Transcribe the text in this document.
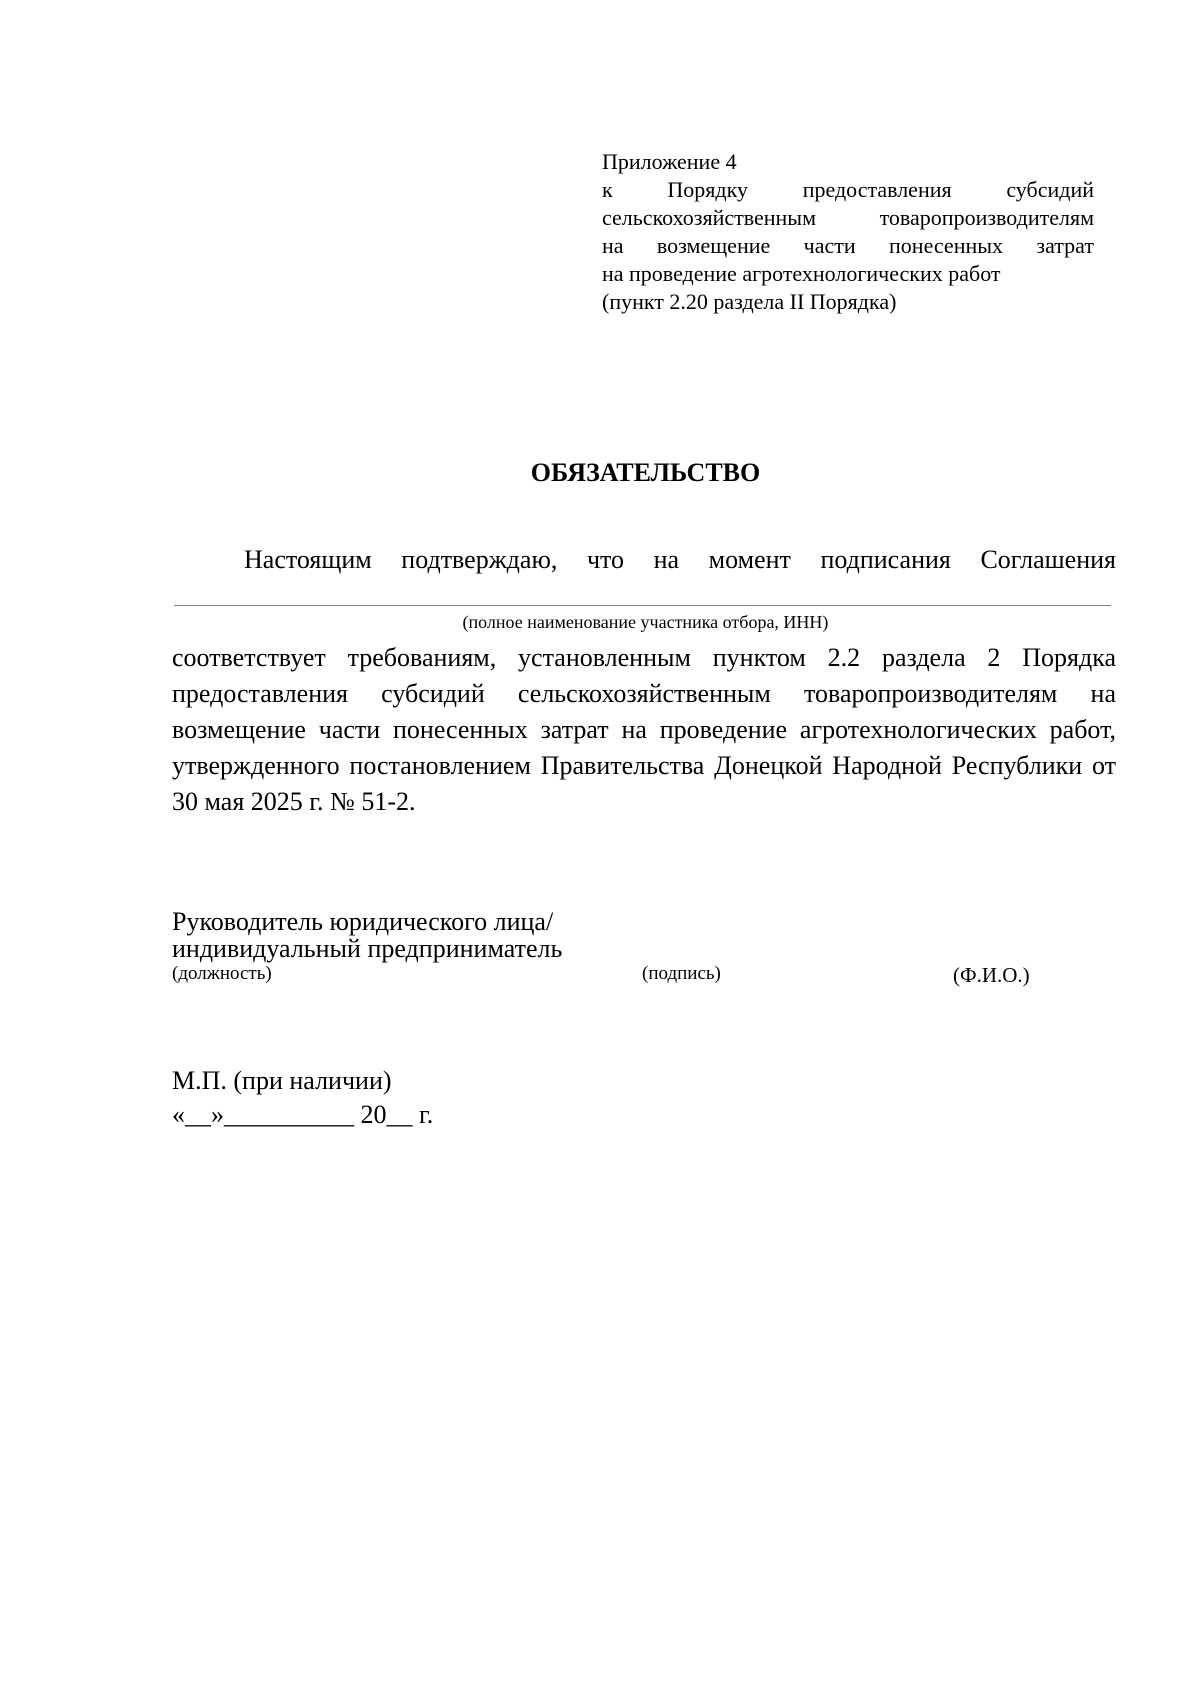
Приложение 4
к Порядку предоставления субсидий
сельскохозяйственным товаропроизводителям
на возмещение части понесенных затрат
на проведение агротехнологических работ
(пункт 2.20 раздела II Порядка)
ОБЯЗАТЕЛЬСТВО
Настоящим подтверждаю, что на момент подписания Соглашения
(полное наименование участника отбора, ИНН)
соответствует требованиям, установленным пунктом 2.2 раздела 2 Порядка предоставления субсидий сельскохозяйственным товаропроизводителям на возмещение части понесенных затрат на проведение агротехнологических работ, утвержденного постановлением Правительства Донецкой Народной Республики от 30 мая 2025 г. № 51-2.
Руководитель юридического лица/
индивидуальный предприниматель
(должность)	(подпись)	(Ф.И.О.)
М.П. (при наличии)
«__»__________ 20__ г.
